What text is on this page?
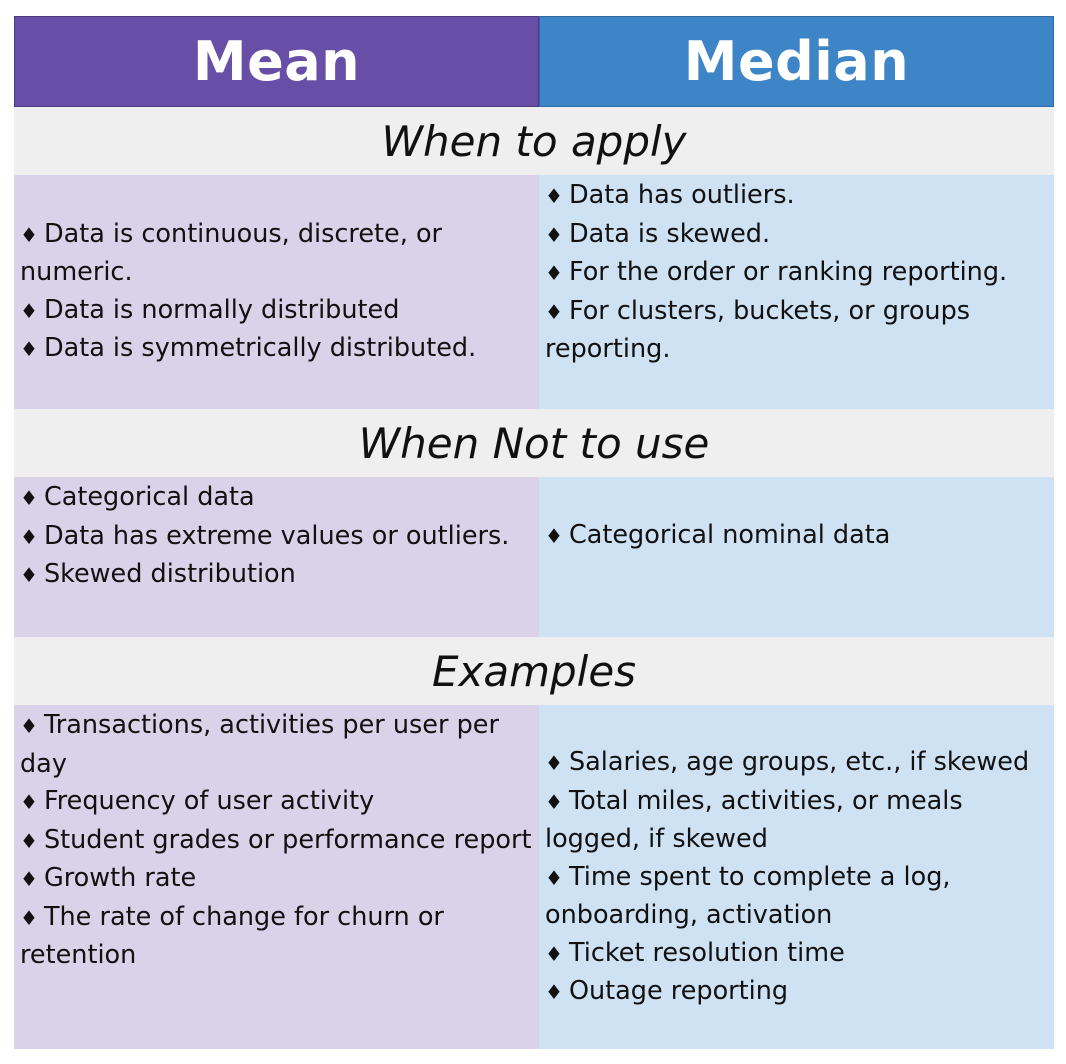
Mean	Median
When to apply
♦ Data is continuous, discrete, or numeric.
♦ Data is normally distributed
♦ Data is symmetrically distributed.
♦ Data has outliers.
♦ Data is skewed.
♦ For the order or ranking reporting.
♦ For clusters, buckets, or groups reporting.
When Not to use
♦ Categorical data
♦ Data has extreme values or outliers.
♦ Skewed distribution
♦ Categorical nominal data
Examples
♦ Transactions, activities per user per day
♦ Frequency of user activity
♦ Student grades or performance report
♦ Growth rate
♦ The rate of change for churn or retention
♦ Salaries, age groups, etc., if skewed
♦ Total miles, activities, or meals logged, if skewed
♦ Time spent to complete a log, onboarding, activation
♦ Ticket resolution time
♦ Outage reporting
